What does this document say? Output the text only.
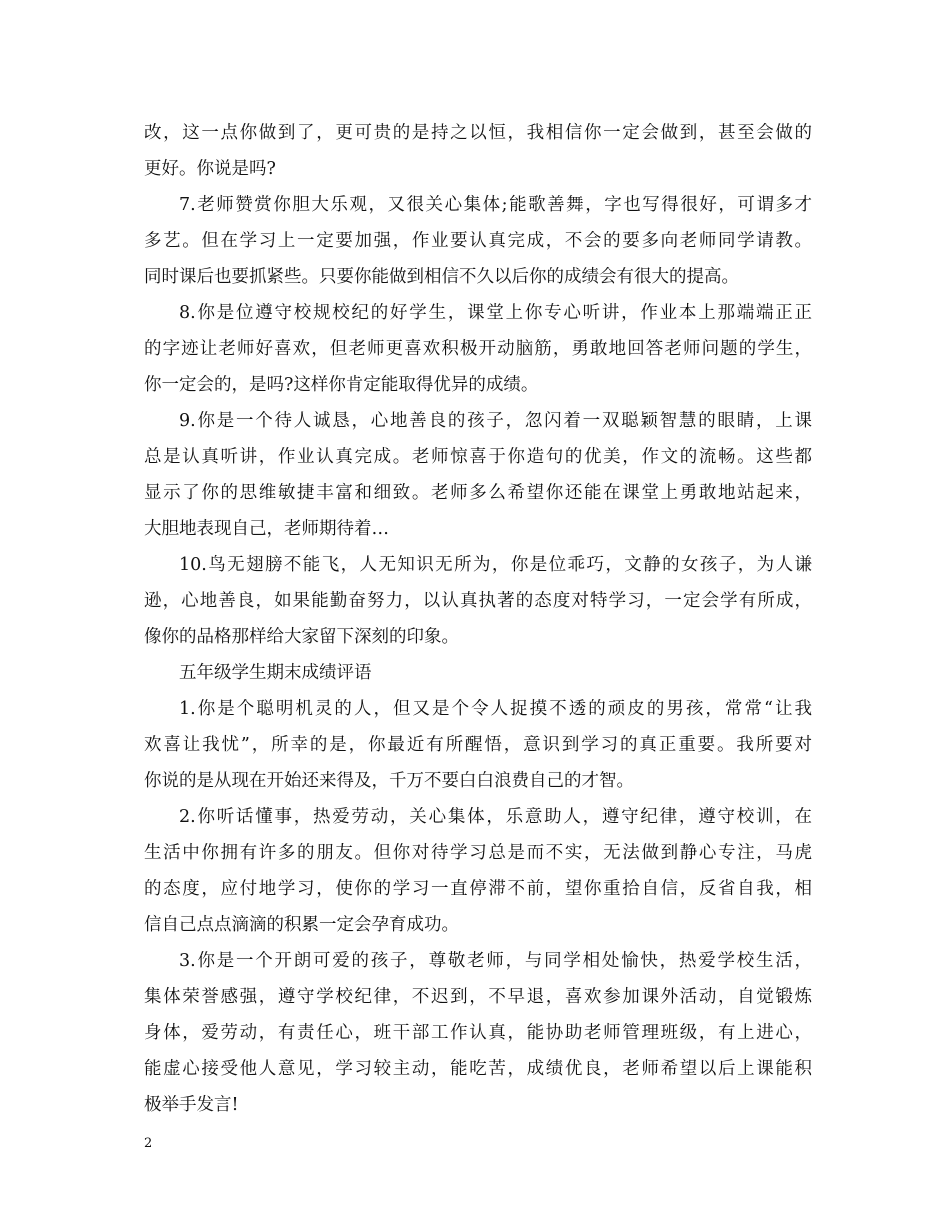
改，这一点你做到了，更可贵的是持之以恒，我相信你一定会做到，甚至会做的
更好。你说是吗?
7.老师赞赏你胆大乐观，又很关心集体;能歌善舞，字也写得很好，可谓多才
多艺。但在学习上一定要加强，作业要认真完成，不会的要多向老师同学请教。
同时课后也要抓紧些。只要你能做到相信不久以后你的成绩会有很大的提高。
8.你是位遵守校规校纪的好学生，课堂上你专心听讲，作业本上那端端正正
的字迹让老师好喜欢，但老师更喜欢积极开动脑筋，勇敢地回答老师问题的学生，
你一定会的，是吗?这样你肯定能取得优异的成绩。
9.你是一个待人诚恳，心地善良的孩子，忽闪着一双聪颖智慧的眼睛，上课
总是认真听讲，作业认真完成。老师惊喜于你造句的优美，作文的流畅。这些都
显示了你的思维敏捷丰富和细致。老师多么希望你还能在课堂上勇敢地站起来，
大胆地表现自己，老师期待着…
10.鸟无翅膀不能飞，人无知识无所为，你是位乖巧，文静的女孩子，为人谦
逊，心地善良，如果能勤奋努力，以认真执著的态度对特学习，一定会学有所成，
像你的品格那样给大家留下深刻的印象。
五年级学生期末成绩评语
1.你是个聪明机灵的人，但又是个令人捉摸不透的顽皮的男孩，常常“让我
欢喜让我忧”，所幸的是，你最近有所醒悟，意识到学习的真正重要。我所要对
你说的是从现在开始还来得及，千万不要白白浪费自己的才智。
2.你听话懂事，热爱劳动，关心集体，乐意助人，遵守纪律，遵守校训，在
生活中你拥有许多的朋友。但你对待学习总是而不实，无法做到静心专注，马虎
的态度，应付地学习，使你的学习一直停滞不前，望你重拾自信，反省自我，相
信自己点点滴滴的积累一定会孕育成功。
3.你是一个开朗可爱的孩子，尊敬老师，与同学相处愉快，热爱学校生活，
集体荣誉感强，遵守学校纪律，不迟到，不早退，喜欢参加课外活动，自觉锻炼
身体，爱劳动，有责任心，班干部工作认真，能协助老师管理班级，有上进心，
能虚心接受他人意见，学习较主动，能吃苦，成绩优良，老师希望以后上课能积
极举手发言!
2
